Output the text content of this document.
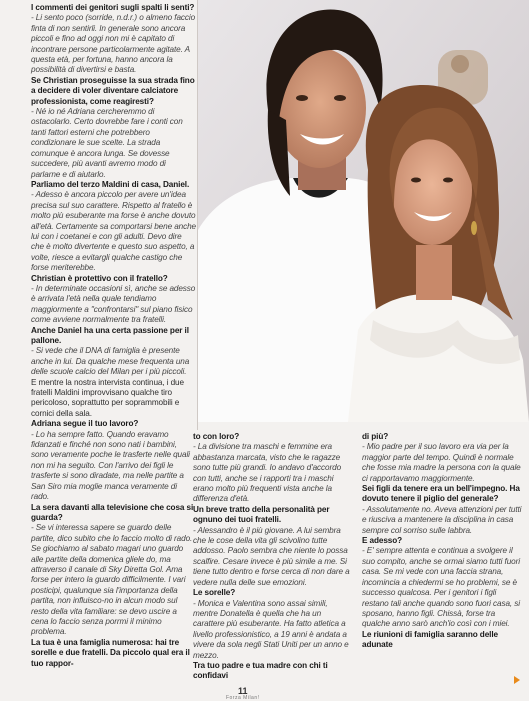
I commenti dei genitori sugli spalti li senti?

- Li sento poco (sorride, n.d.r.) o almeno faccio finta di non sentirli. In generale sono ancora piccoli e fino ad oggi non mi è capitato di incontrare persone particolarmente agitate. A questa età, per fortuna, hanno ancora la possibilità di divertirsi e basta.

Se Christian proseguisse la sua strada fino a decidere di voler diventare calciatore professionista, come reagiresti?

- Né io né Adriana cercheremmo di ostacolarlo. Certo dovrebbe fare i conti con tanti fattori esterni che potrebbero condizionare le sue scelte. La strada comunque è ancora lunga. Se dovesse succedere, più avanti avremo modo di parlarne e di aiutarlo.

Parliamo del terzo Maldini di casa, Daniel.

- Adesso è ancora piccolo per avere un'idea precisa sul suo carattere. Rispetto al fratello è molto più esuberante ma forse è anche dovuto all'età. Certamente sa comportarsi bene anche lui con i coetanei e con gli adulti. Devo dire che è molto divertente e questo suo aspetto, a volte, riesce a evitargli qualche castigo che forse meriterebbe.

Christian è protettivo con il fratello?

- In determinate occasioni sì, anche se adesso è arrivata l'età nella quale tendiamo maggiormente a "confrontarsi" sul piano fisico come avviene normalmente tra fratelli.

Anche Daniel ha una certa passione per il pallone.

- Si vede che il DNA di famiglia è presente anche in lui. Da qualche mese frequenta una delle scuole calcio del Milan per i più piccoli.

E mentre la nostra intervista continua, i due fratelli Maldini improvvisano qualche tiro pericoloso, soprattutto per soprammobili e cornici della sala.

Adriana segue il tuo lavoro?

- Lo ha sempre fatto. Quando eravamo fidanzati e finché non sono nati i bambini, sono veramente poche le trasferte nelle quali non mi ha seguito. Con l'arrivo dei figli le trasferte si sono diradate, ma nelle partite a San Siro mia moglie manca veramente di rado.

La sera davanti alla televisione che cosa si guarda?

- Se vi interessa sapere se guardo delle partite, dico subito che lo faccio molto di rado. Se giochiamo al sabato magari uno guardo alle partite della domenica gliele do, ma attraverso il canale di Sky Diretta Gol. Ama forse per intero la guardo difficilmente. I vari posticipi, qualunque sia l'importanza della partita, non influisco-no in alcun modo sul resto della vita familiare: se devo uscire a cena lo faccio senza porrmi il minimo problema.

La tua è una famiglia numerosa: hai tre sorelle e due fratelli. Da piccolo qual era il tuo rappor-

to con loro?

- La divisione tra maschi e femmine era abbastanza marcata, visto che le ragazze sono tutte più grandi. Io andavo d'accordo con tutti, anche se i rapporti tra i maschi erano molto più frequenti vista anche la differenza d'età.

Un breve tratto della personalità per ognuno dei tuoi fratelli.

- Alessandro è il più giovane. A lui sembra che le cose della vita gli scivolino tutte addosso. Paolo sembra che niente lo possa scalfire. Cesare invece è più simile a me. Si tiene tutto dentro e forse cerca di non dare a vedere nulla delle sue emozioni.

Le sorelle?

- Monica e Valentina sono assai simili, mentre Donatella è quella che ha un carattere più esuberante. Ha fatto atletica a livello professionistico, a 19 anni è andata a vivere da sola negli Stati Uniti per un anno e mezzo.

Tra tuo padre e tua madre con chi ti confidavi

di più?

- Mio padre per il suo lavoro era via per la maggior parte del tempo. Quindi è normale che fosse mia madre la persona con la quale ci rapportavamo maggiormente.

Sei figli da tenere era un bell'impegno. Ha dovuto tenere il piglio del generale?

- Assolutamente no. Aveva attenzioni per tutti e riusciva a mantenere la disciplina in casa sempre col sorriso sulle labbra.

E adesso?

- E' sempre attenta e continua a svolgere il suo compito, anche se ormai siamo tutti fuori casa. Se mi vede con una faccia strana, incomincia a chiedermi se ho problemi, se è successo qualcosa. Per i genitori i figli restano tali anche quando sono fuori casa, si sposano, hanno figli. Chissà, forse tra qualche anno sarò anch'io così con i miei.

Le riunioni di famiglia saranno delle adunate

11
Forza Milan!
